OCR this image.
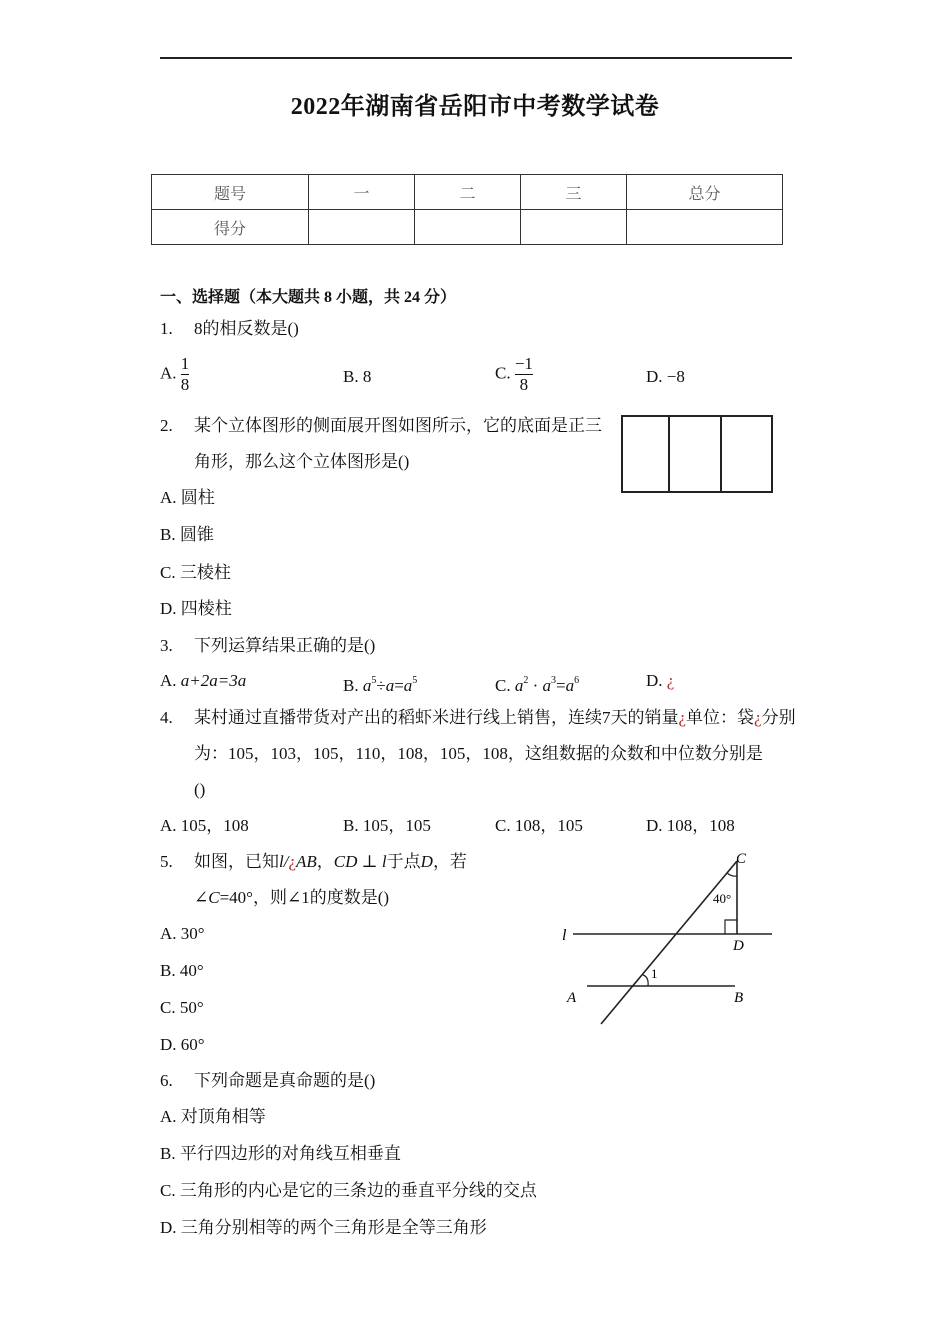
2022年湖南省岳阳市中考数学试卷
题号	一	二	三	总分
得分				
一、选择题（本大题共 8 小题，共 24 分）
1. 8的相反数是()
A. $\frac{1}{8}$	B. 8	C. $\frac{-1}{8}$	D. −8
2. 某个立体图形的侧面展开图如图所示，它的底面是正三
角形，那么这个立体图形是()
A. 圆柱
B. 圆锥
C. 三棱柱
D. 四棱柱
3. 下列运算结果正确的是()
A. a+2a=3a	B. $a^5\div a=a^5$	C. $a^2 \cdot a^3=a^6$	D. ¿
4. 某村通过直播带货对产出的稻虾米进行线上销售，连续7天的销量¿单位：袋¿分别
为：105，103，105，110，108，105，108，这组数据的众数和中位数分别是
()
A. 105，108	B. 105，105	C. 108，105	D. 108，108
5. 如图，已知l/¿AB，CD ⊥ l于点D，若
∠C=40°，则∠1的度数是()
A. 30°
B. 40°
C. 50°
D. 60°
C
D
l
A	B
40°
1
6. 下列命题是真命题的是()
A. 对顶角相等
B. 平行四边形的对角线互相垂直
C. 三角形的内心是它的三条边的垂直平分线的交点
D. 三角分别相等的两个三角形是全等三角形
